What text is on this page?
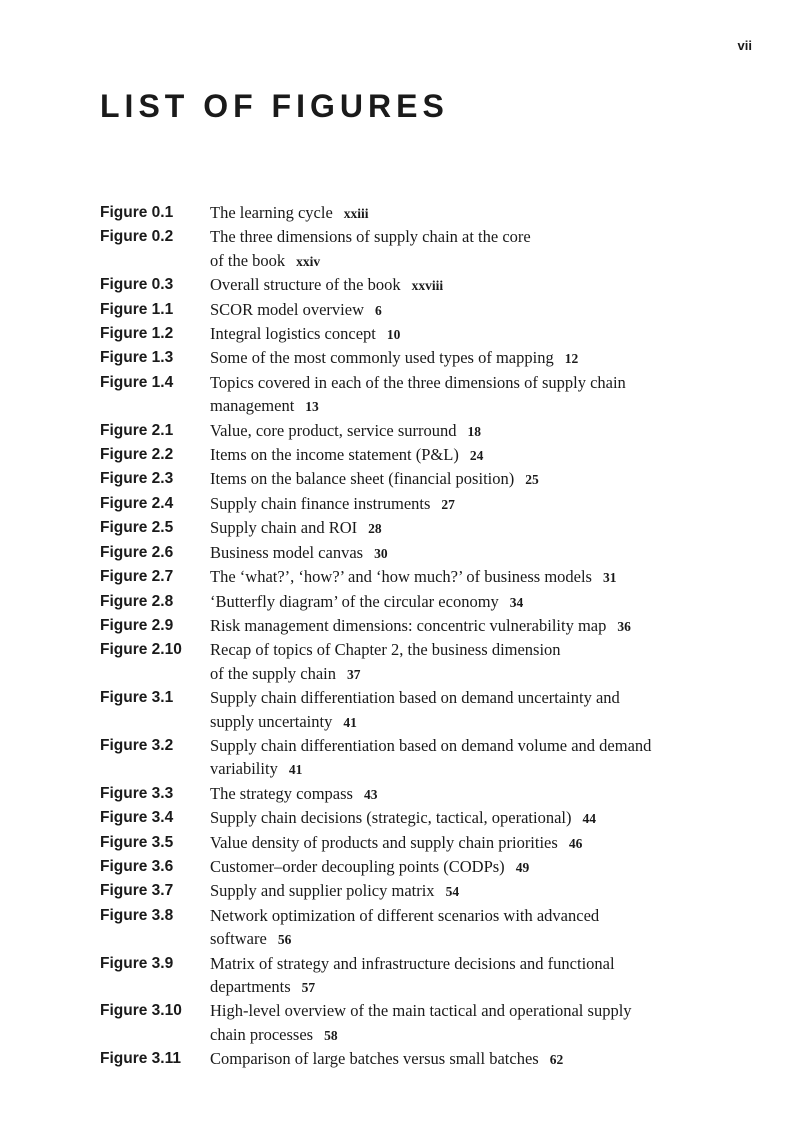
vii
LIST OF FIGURES
Figure 0.1	The learning cycle xxiii
Figure 0.2	The three dimensions of supply chain at the core
of the book xxiv
Figure 0.3	Overall structure of the book xxviii
Figure 1.1	SCOR model overview 6
Figure 1.2	Integral logistics concept 10
Figure 1.3	Some of the most commonly used types of mapping 12
Figure 1.4	Topics covered in each of the three dimensions of supply chain
management 13
Figure 2.1	Value, core product, service surround 18
Figure 2.2	Items on the income statement (P&L) 24
Figure 2.3	Items on the balance sheet (financial position) 25
Figure 2.4	Supply chain finance instruments 27
Figure 2.5	Supply chain and ROI 28
Figure 2.6	Business model canvas 30
Figure 2.7	The ‘what?’, ‘how?’ and ‘how much?’ of business models 31
Figure 2.8	‘Butterfly diagram’ of the circular economy 34
Figure 2.9	Risk management dimensions: concentric vulnerability map 36
Figure 2.10	Recap of topics of Chapter 2, the business dimension
of the supply chain 37
Figure 3.1	Supply chain differentiation based on demand uncertainty and
supply uncertainty 41
Figure 3.2	Supply chain differentiation based on demand volume and demand
variability 41
Figure 3.3	The strategy compass 43
Figure 3.4	Supply chain decisions (strategic, tactical, operational) 44
Figure 3.5	Value density of products and supply chain priorities 46
Figure 3.6	Customer–order decoupling points (CODPs) 49
Figure 3.7	Supply and supplier policy matrix 54
Figure 3.8	Network optimization of different scenarios with advanced
software 56
Figure 3.9	Matrix of strategy and infrastructure decisions and functional
departments 57
Figure 3.10	High-level overview of the main tactical and operational supply
chain processes 58
Figure 3.11	Comparison of large batches versus small batches 62
